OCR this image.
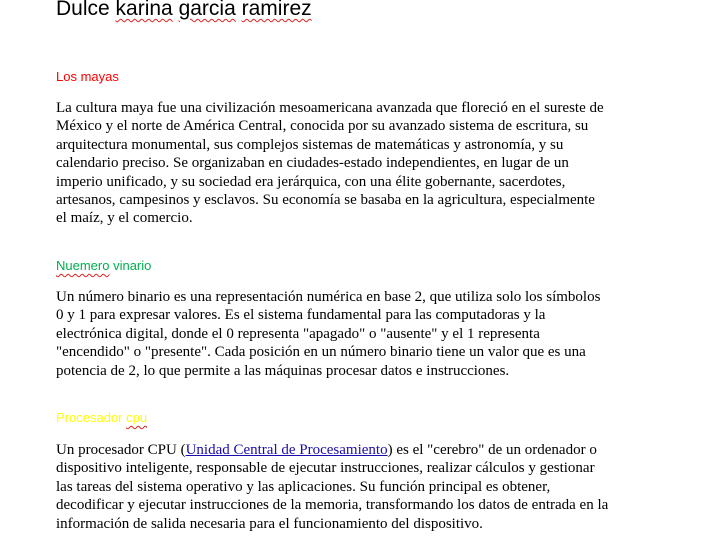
Dulce karina garcia ramirez
Los mayas
La cultura maya fue una civilización mesoamericana avanzada que floreció en el sureste de
México y el norte de América Central, conocida por su avanzado sistema de escritura, su
arquitectura monumental, sus complejos sistemas de matemáticas y astronomía, y su
calendario preciso. Se organizaban en ciudades-estado independientes, en lugar de un
imperio unificado, y su sociedad era jerárquica, con una élite gobernante, sacerdotes,
artesanos, campesinos y esclavos. Su economía se basaba en la agricultura, especialmente
el maíz, y el comercio.
Nuemero vinario
Un número binario es una representación numérica en base 2, que utiliza solo los símbolos
0 y 1 para expresar valores. Es el sistema fundamental para las computadoras y la
electrónica digital, donde el 0 representa "apagado" o "ausente" y el 1 representa
"encendido" o "presente". Cada posición en un número binario tiene un valor que es una
potencia de 2, lo que permite a las máquinas procesar datos e instrucciones.
Procesador cpu
Un procesador CPU (Unidad Central de Procesamiento) es el "cerebro" de un ordenador o
dispositivo inteligente, responsable de ejecutar instrucciones, realizar cálculos y gestionar
las tareas del sistema operativo y las aplicaciones. Su función principal es obtener,
decodificar y ejecutar instrucciones de la memoria, transformando los datos de entrada en la
información de salida necesaria para el funcionamiento del dispositivo.
